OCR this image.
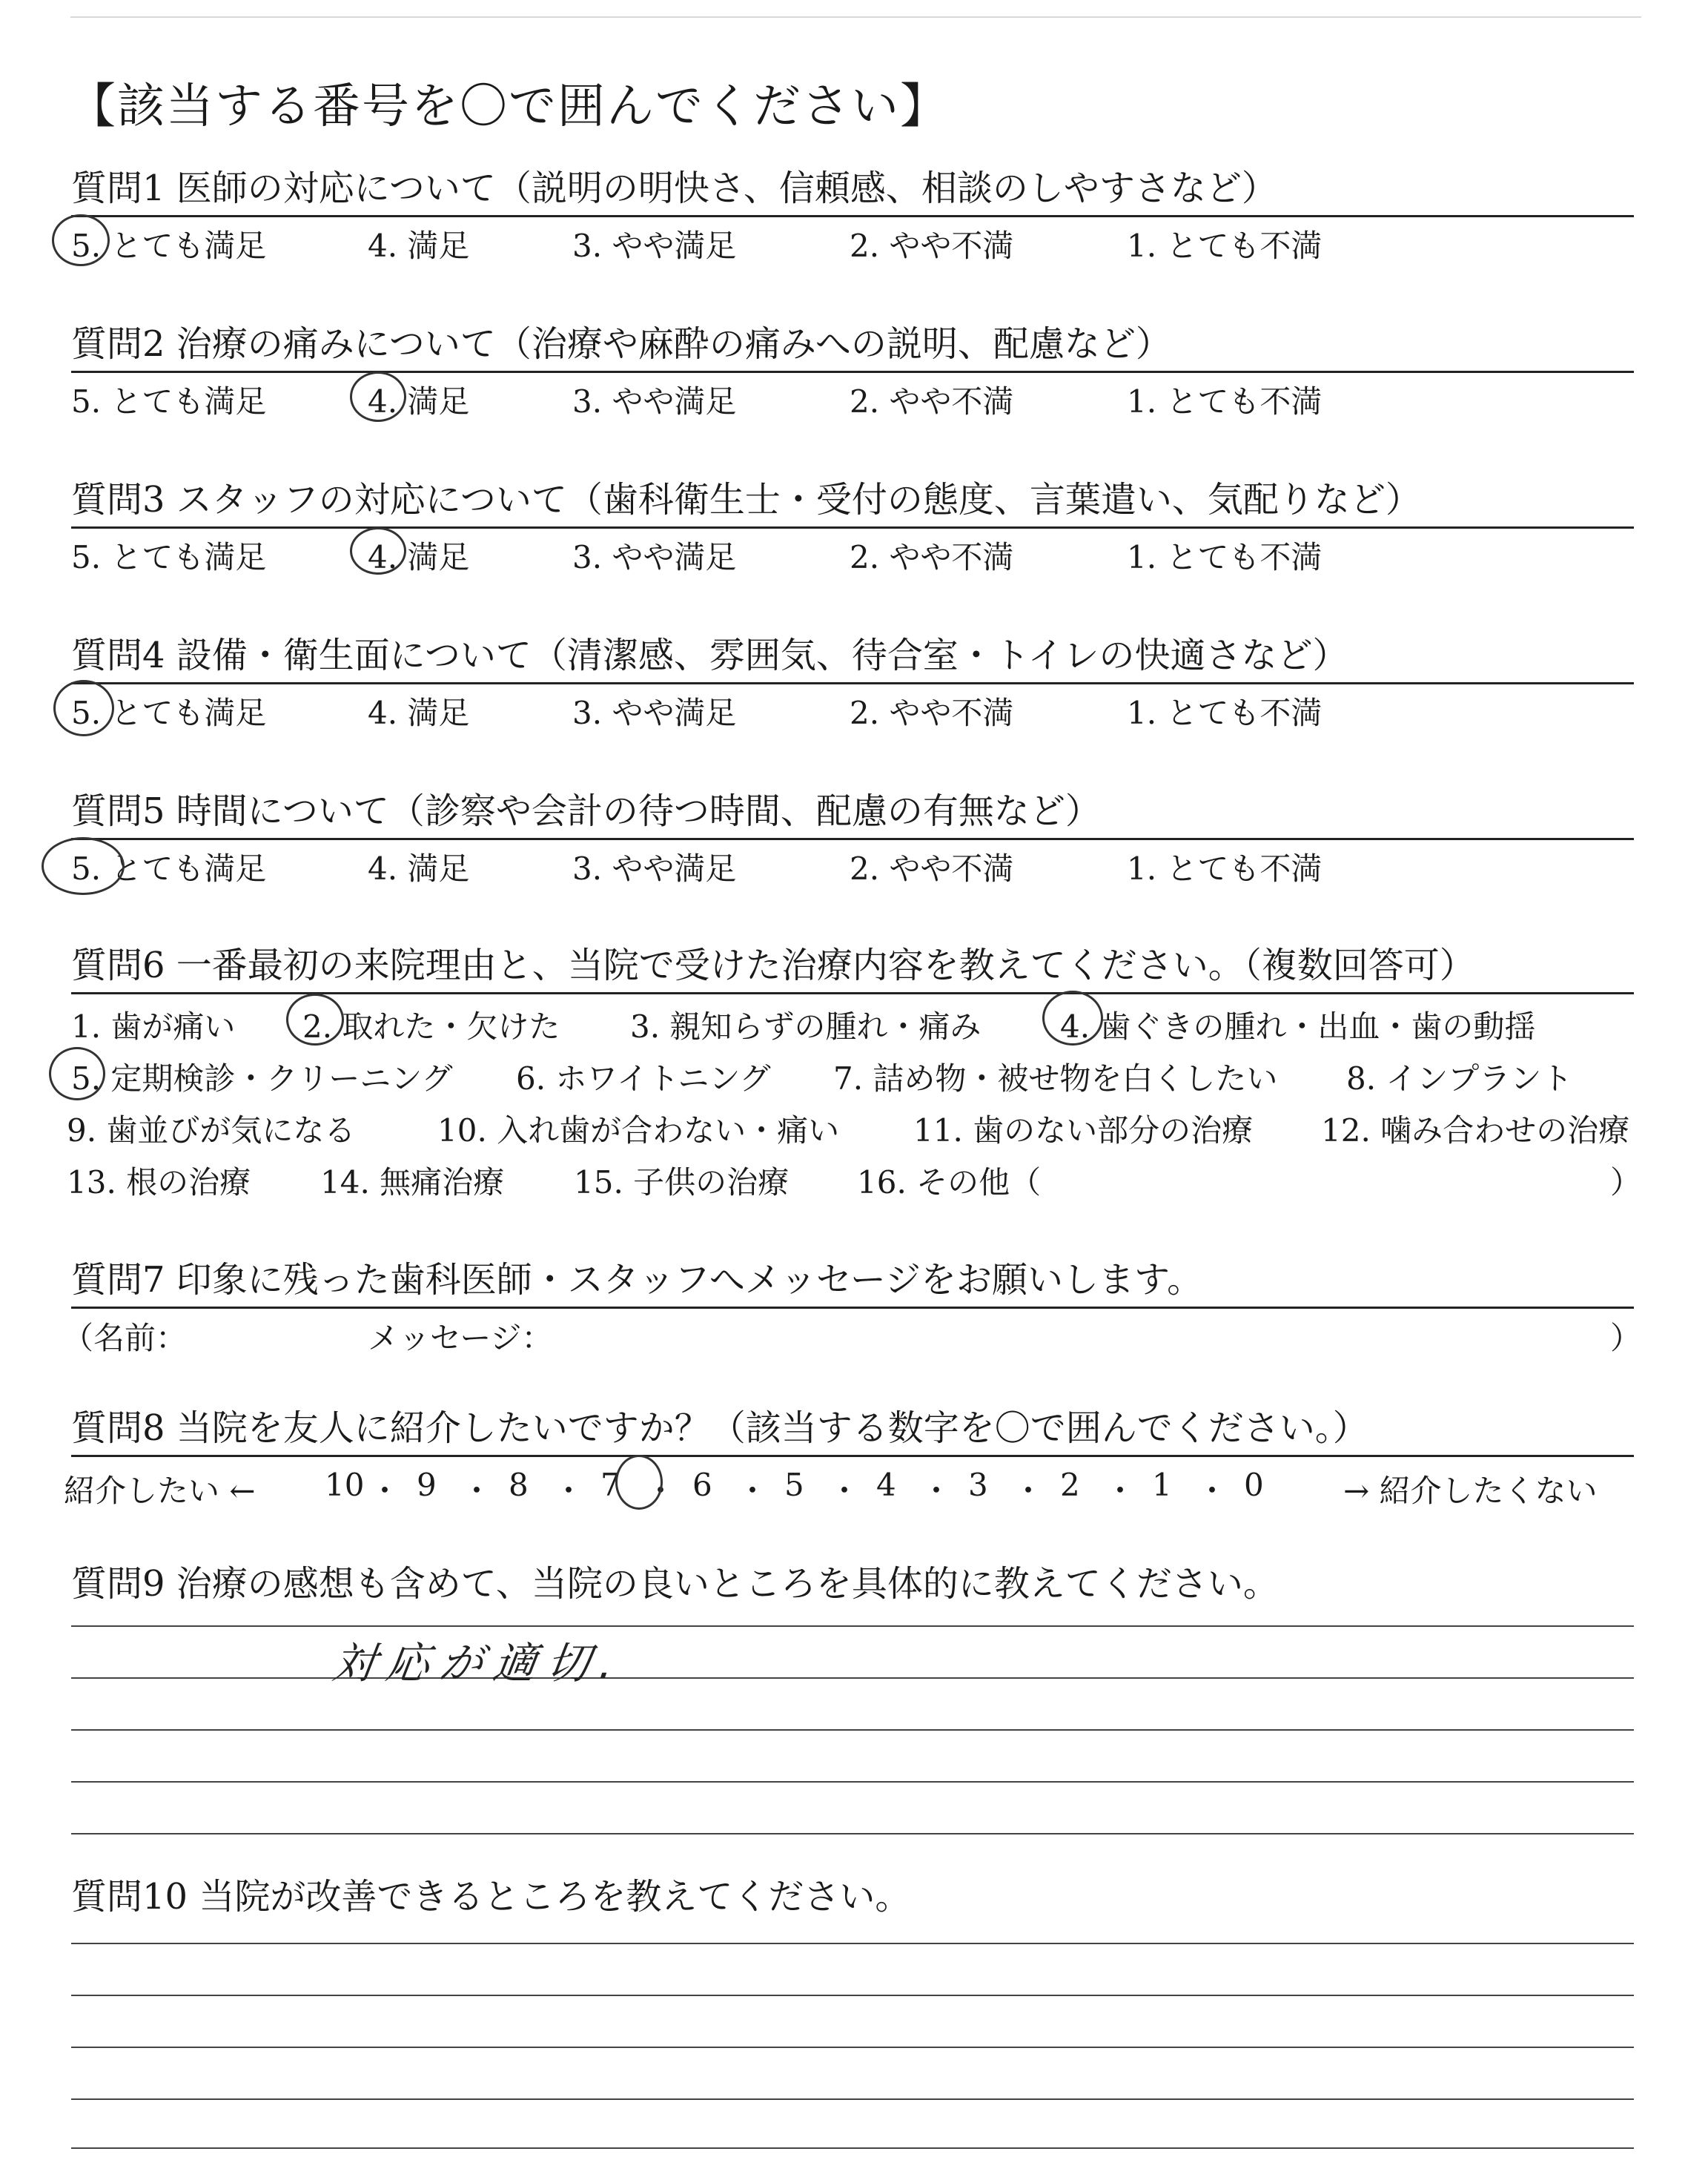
【該当する番号を〇で囲んでください】
質問1 医師の対応について（説明の明快さ、信頼感、相談のしやすさなど）
5. とても満足	4. 満足	3. やや満足	2. やや不満	1. とても不満
質問2 治療の痛みについて（治療や麻酔の痛みへの説明、配慮など）
5. とても満足	4. 満足	3. やや満足	2. やや不満	1. とても不満
質問3 スタッフの対応について（歯科衛生士・受付の態度、言葉遣い、気配りなど）
5. とても満足	4. 満足	3. やや満足	2. やや不満	1. とても不満
質問4 設備・衛生面について（清潔感、雰囲気、待合室・トイレの快適さなど）
5. とても満足	4. 満足	3. やや満足	2. やや不満	1. とても不満
質問5 時間について（診察や会計の待つ時間、配慮の有無など）
5. とても満足	4. 満足	3. やや満足	2. やや不満	1. とても不満
質問6 一番最初の来院理由と、当院で受けた治療内容を教えてください。（複数回答可）
1. 歯が痛い 2. 取れた・欠けた 3. 親知らずの腫れ・痛み	4. 歯ぐきの腫れ・出血・歯の動揺
5. 定期検診・クリーニング 6. ホワイトニング 7. 詰め物・被せ物を白くしたい 8. インプラント
9. 歯並びが気になる	10. 入れ歯が合わない・痛い 11. 歯のない部分の治療 12. 噛み合わせの治療
13. 根の治療 14. 無痛治療 15. 子供の治療 16. その他（	）
質問7 印象に残った歯科医師・スタッフへメッセージをお願いします。
（名前：	メッセージ：	）
質問8 当院を友人に紹介したいですか？（該当する数字を〇で囲んでください。）
紹介したい ← 10 ・ 9 ・ 8 ・ 7 ・ 6 ・ 5 ・ 4 ・ 3 ・ 2 ・ 1 ・ 0	→ 紹介したくない
質問9 治療の感想も含めて、当院の良いところを具体的に教えてください。
対応が適切.
質問10 当院が改善できるところを教えてください。
